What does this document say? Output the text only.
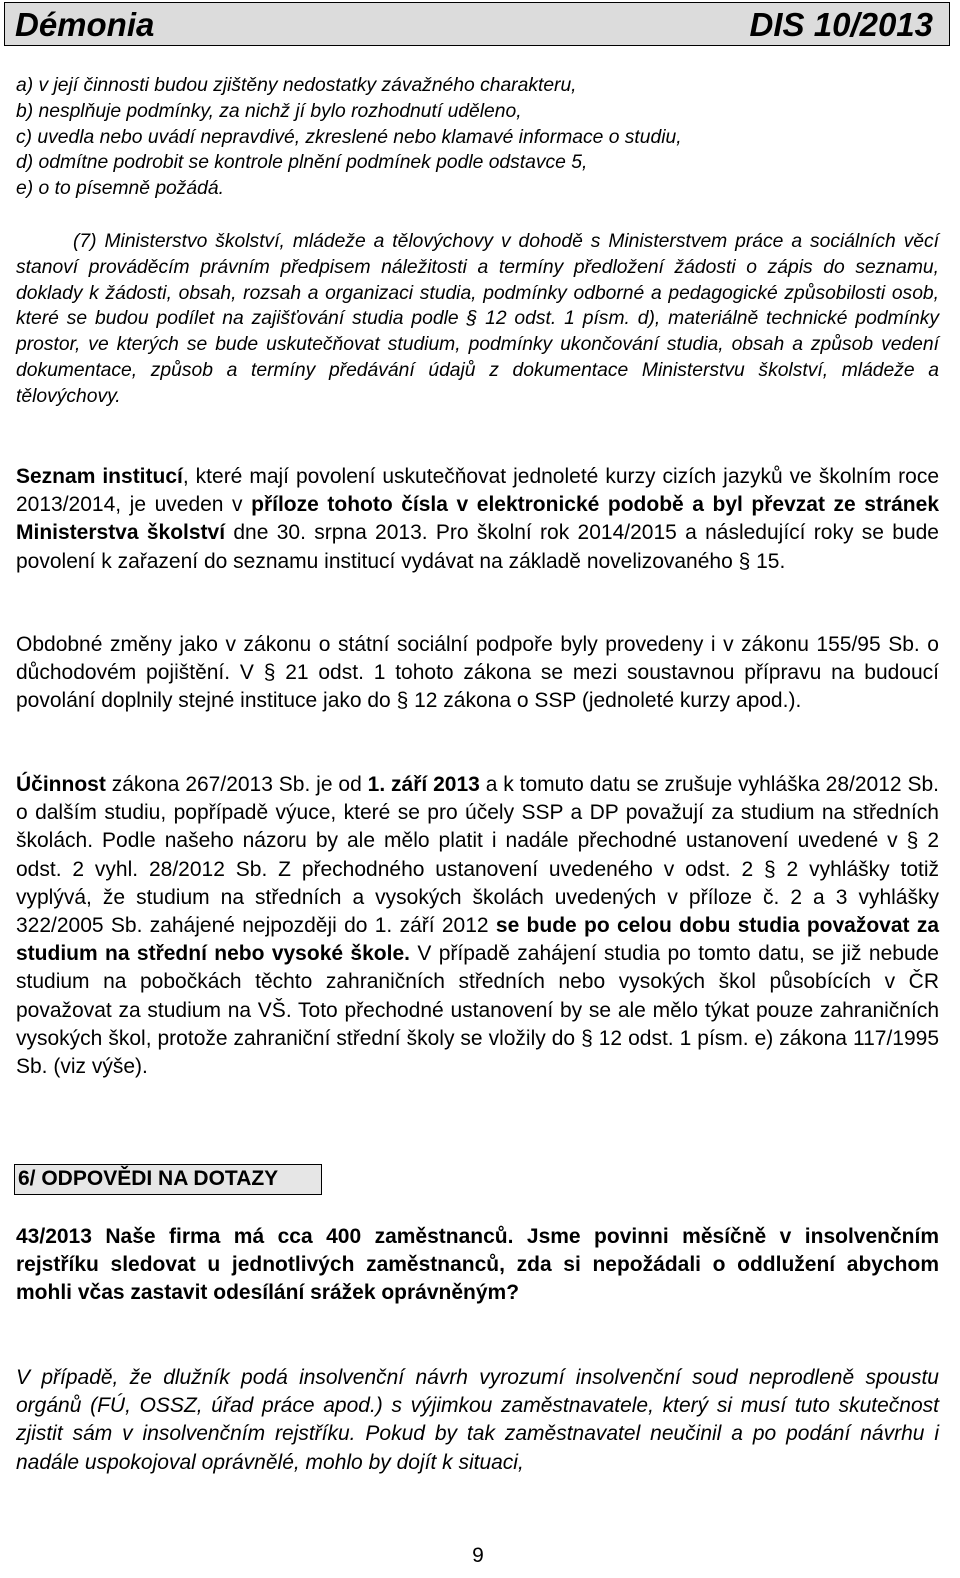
Démonia	DIS 10/2013

a) v její činnosti budou zjištěny nedostatky závažného charakteru,

b) nesplňuje podmínky, za nichž jí bylo rozhodnutí uděleno,

c) uvedla nebo uvádí nepravdivé, zkreslené nebo klamavé informace o studiu,

d) odmítne podrobit se kontrole plnění podmínek podle odstavce 5,

e) o to písemně požádá.

(7) Ministerstvo školství, mládeže a tělovýchovy v dohodě s Ministerstvem práce a sociálních věcí stanoví prováděcím právním předpisem náležitosti a termíny předložení žádosti o zápis do seznamu, doklady k žádosti, obsah, rozsah a organizaci studia, podmínky odborné a pedagogické způsobilosti osob, které se budou podílet na zajišťování studia podle § 12 odst. 1 písm. d), materiálně technické podmínky prostor, ve kterých se bude uskutečňovat studium, podmínky ukončování studia, obsah a způsob vedení dokumentace, způsob a termíny předávání údajů z dokumentace Ministerstvu školství, mládeže a tělovýchovy.

Seznam institucí, které mají povolení uskutečňovat jednoleté kurzy cizích jazyků ve školním roce 2013/2014, je uveden v příloze tohoto čísla v elektronické podobě a byl převzat ze stránek Ministerstva školství dne 30. srpna 2013. Pro školní rok 2014/2015 a následující roky se bude povolení k zařazení do seznamu institucí vydávat na základě novelizovaného § 15.

Obdobné změny jako v zákonu o státní sociální podpoře byly provedeny i v zákonu 155/95 Sb. o důchodovém pojištění. V § 21 odst. 1 tohoto zákona se mezi soustavnou přípravu na budoucí povolání doplnily stejné instituce jako do § 12 zákona o SSP (jednoleté kurzy apod.).

Účinnost zákona 267/2013 Sb. je od 1. září 2013 a k tomuto datu se zrušuje vyhláška 28/2012 Sb. o dalším studiu, popřípadě výuce, které se pro účely SSP a DP považují za studium na středních školách. Podle našeho názoru by ale mělo platit i nadále přechodné ustanovení uvedené v § 2 odst. 2 vyhl. 28/2012 Sb. Z přechodného ustanovení uvedeného v odst. 2 § 2 vyhlášky totiž vyplývá, že studium na středních a vysokých školách uvedených v příloze č. 2 a 3 vyhlášky 322/2005 Sb. zahájené nejpozději do 1. září 2012 se bude po celou dobu studia považovat za studium na střední nebo vysoké škole. V případě zahájení studia po tomto datu, se již nebude studium na pobočkách těchto zahraničních středních nebo vysokých škol působících v ČR považovat za studium na VŠ. Toto přechodné ustanovení by se ale mělo týkat pouze zahraničních vysokých škol, protože zahraniční střední školy se vložily do § 12 odst. 1 písm. e) zákona 117/1995 Sb. (viz výše).

6/ ODPOVĚDI NA DOTAZY

43/2013 Naše firma má cca 400 zaměstnanců. Jsme povinni měsíčně v insolvenčním rejstříku sledovat u jednotlivých zaměstnanců, zda si nepožádali o oddlužení abychom mohli včas zastavit odesílání srážek oprávněným?

V případě, že dlužník podá insolvenční návrh vyrozumí insolvenční soud neprodleně spoustu orgánů (FÚ, OSSZ, úřad práce apod.) s výjimkou zaměstnavatele, který si musí tuto skutečnost zjistit sám v insolvenčním rejstříku. Pokud by tak zaměstnavatel neučinil a po podání návrhu i nadále uspokojoval oprávnělé, mohlo by dojít k situaci,

9
